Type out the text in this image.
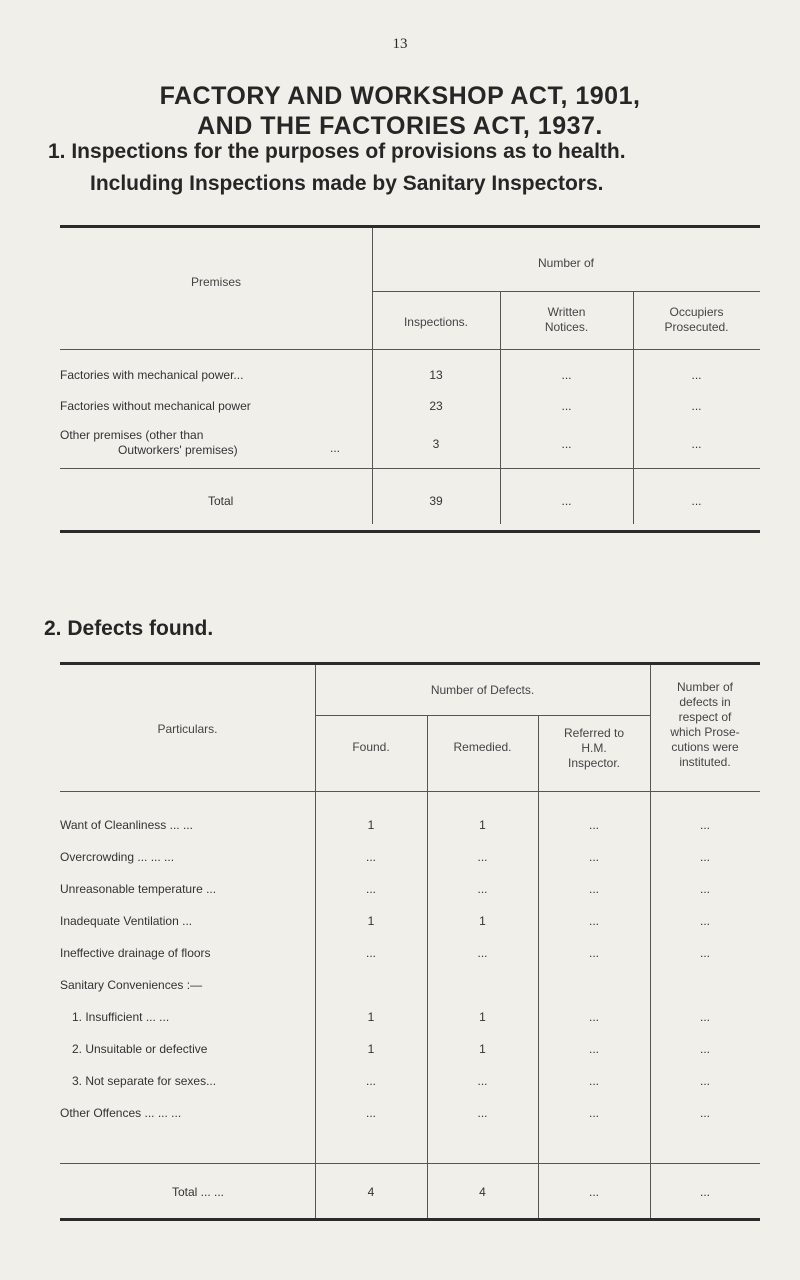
13
FACTORY AND WORKSHOP ACT, 1901,
AND THE FACTORIES ACT, 1937.
1. Inspections for the purposes of provisions as to health.
Including Inspections made by Sanitary Inspectors.
Premises
Number of
Inspections.
Written
Notices.
Occupiers
Prosecuted.
Factories with mechanical power...	13	...	...
Factories without mechanical power	23	...	...
Other premises (other than
Outworkers' premises)	...	3	...	...
Total	39	...	...
2. Defects found.
Particulars.
Number of Defects.
Found.	Remedied.
Referred to
H.M.
Inspector.
Number of
defects in
respect of
which Prose-
cutions were
instituted.
Want of Cleanliness ... ...	1	1	...	...
Overcrowding ... ... ...	...	...	...	...
Unreasonable temperature ...	...	...	...	...
Inadequate Ventilation ...	1	1	...	...
Ineffective drainage of floors	...	...	...	...
Sanitary Conveniences :—
1. Insufficient ... ...	1	1	...	...
2. Unsuitable or defective	1	1	...	...
3. Not separate for sexes...	...	...	...	...
Other Offences ... ... ...	...	...	...	...
Total ... ...	4	4	...	...
